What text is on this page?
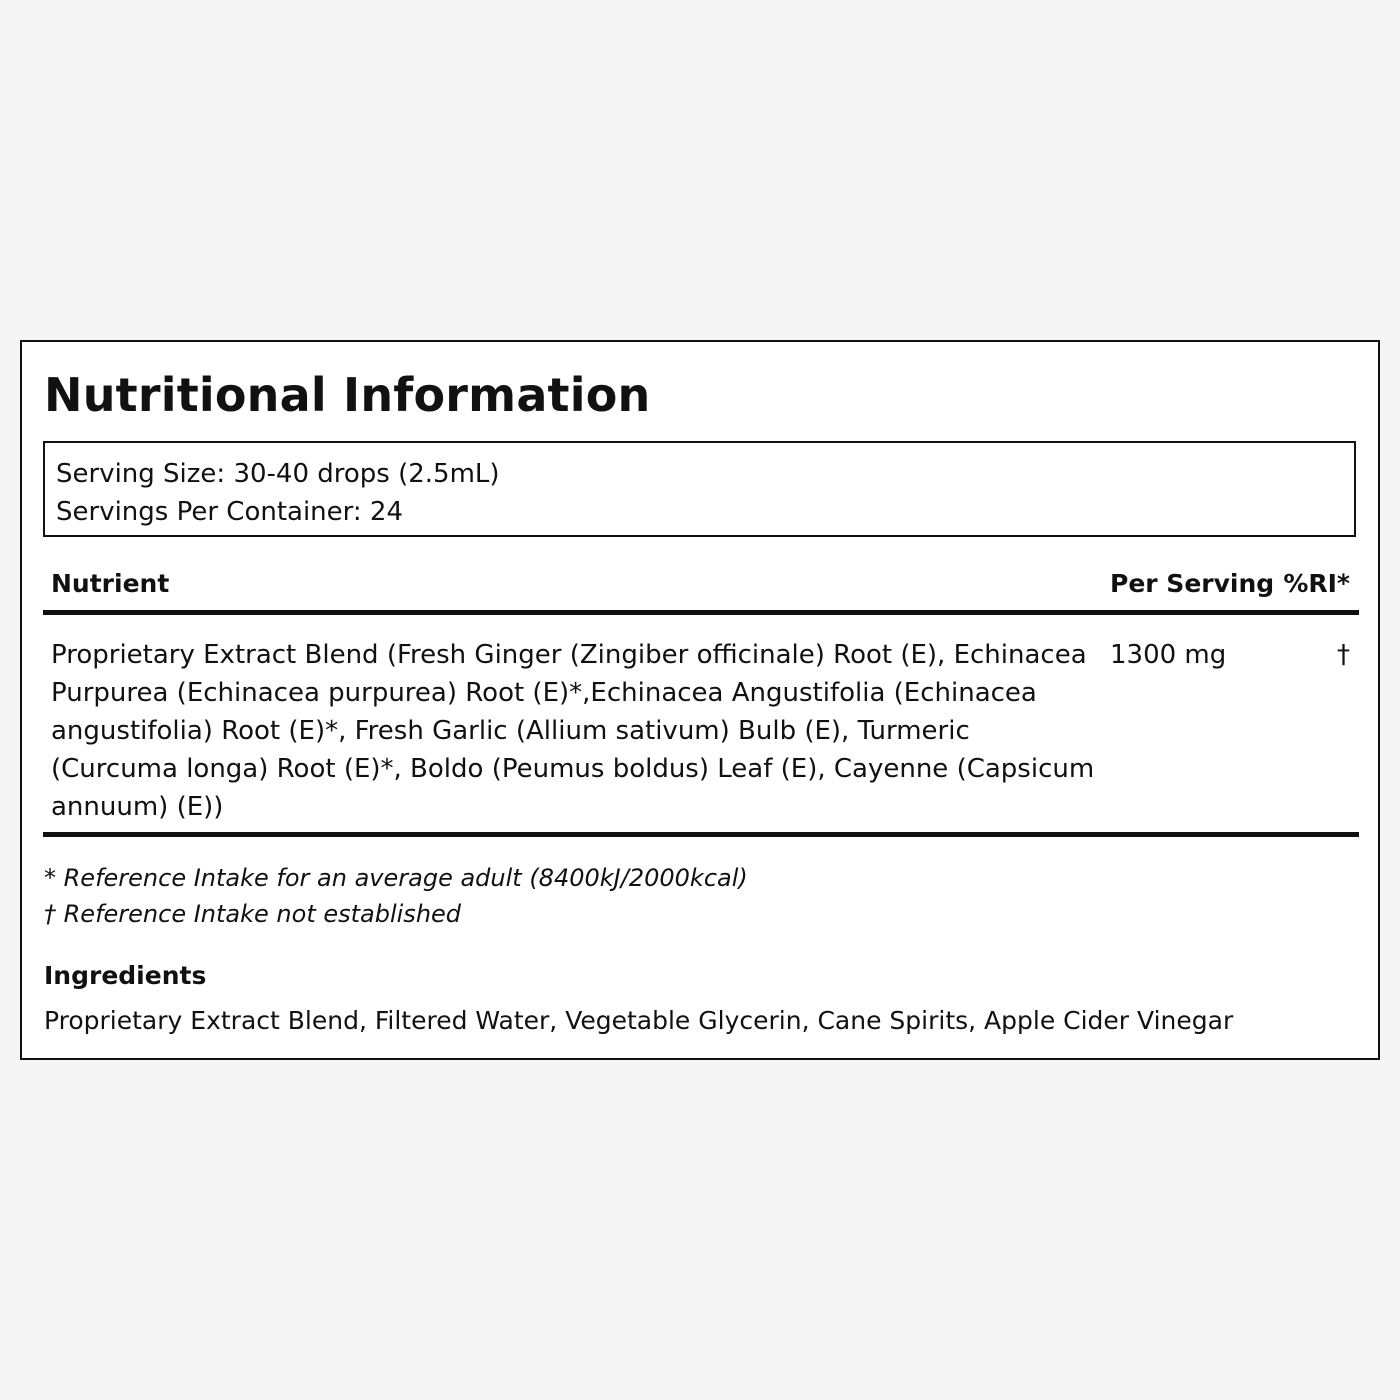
Nutritional Information
Serving Size: 30-40 drops (2.5mL)
Servings Per Container: 24
Nutrient	Per Serving %RI*
Proprietary Extract Blend (Fresh Ginger (Zingiber officinale) Root (E), Echinacea Purpurea (Echinacea purpurea) Root (E)*,Echinacea Angustifolia (Echinacea angustifolia) Root (E)*, Fresh Garlic (Allium sativum) Bulb (E), Turmeric (Curcuma longa) Root (E)*, Boldo (Peumus boldus) Leaf (E), Cayenne (Capsicum annuum) (E))
1300 mg	†
* Reference Intake for an average adult (8400kJ/2000kcal)
† Reference Intake not established
Ingredients
Proprietary Extract Blend, Filtered Water, Vegetable Glycerin, Cane Spirits, Apple Cider Vinegar
